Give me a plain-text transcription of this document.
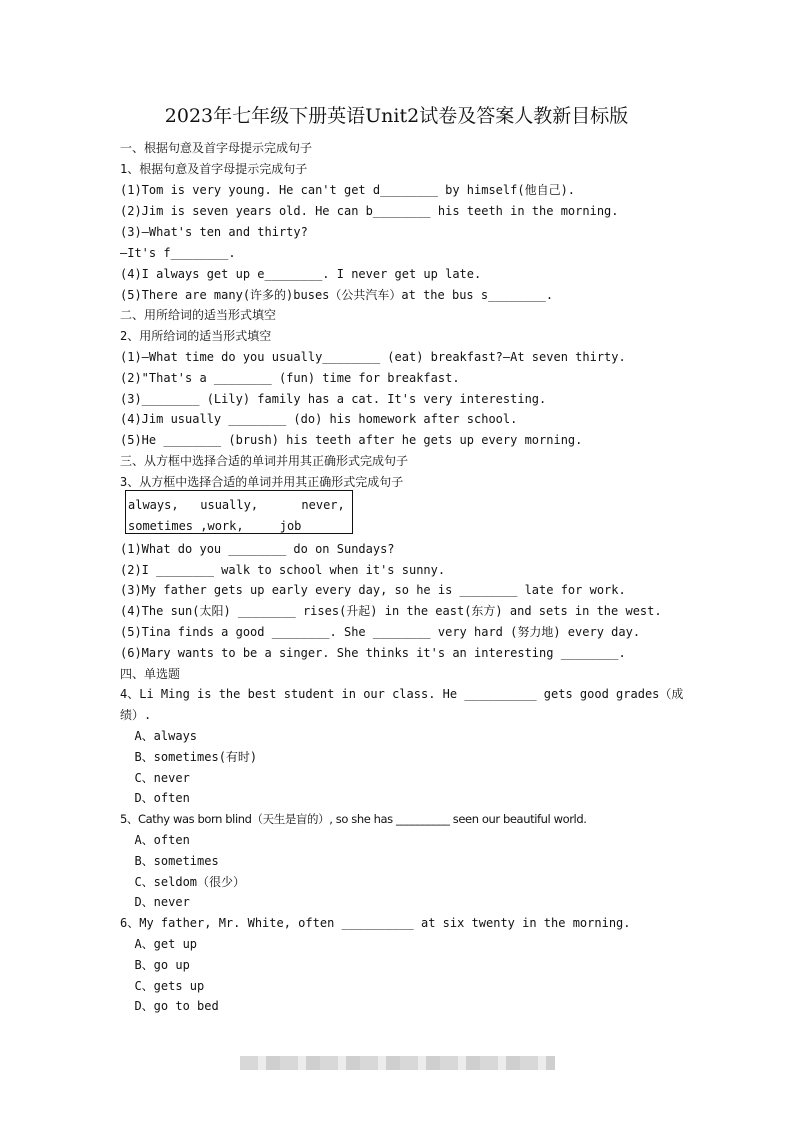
2023年七年级下册英语Unit2试卷及答案人教新目标版
一、根据句意及首字母提示完成句子
1、根据句意及首字母提示完成句子
(1)Tom is very young. He can't get d________ by himself(他自己).
(2)Jim is seven years old. He can b________ his teeth in the morning.
(3)—What's ten and thirty?
—It's f________.
(4)I always get up e________. I never get up late.
(5)There are many(许多的)buses（公共汽车）at the bus s________.
二、用所给词的适当形式填空
2、用所给词的适当形式填空
(1)—What time do you usually________ (eat) breakfast?—At seven thirty.
(2)"That's a ________ (fun) time for breakfast.
(3)________ (Lily) family has a cat. It's very interesting.
(4)Jim usually ________ (do) his homework after school.
(5)He ________ (brush) his teeth after he gets up every morning.
三、从方框中选择合适的单词并用其正确形式完成句子
3、从方框中选择合适的单词并用其正确形式完成句子
always,   usually,      never,
sometimes ,work,     job
(1)What do you ________ do on Sundays?
(2)I ________ walk to school when it's sunny.
(3)My father gets up early every day, so he is ________ late for work.
(4)The sun(太阳) ________ rises(升起) in the east(东方) and sets in the west.
(5)Tina finds a good ________. She ________ very hard (努力地) every day.
(6)Mary wants to be a singer. She thinks it's an interesting ________.
四、单选题
4、Li Ming is the best student in our class. He __________ gets good grades（成
绩）.
A、always
B、sometimes(有时)
C、never
D、often
5、Cathy was born blind（天生是盲的）, so she has __________ seen our beautiful world.
A、often
B、sometimes
C、seldom（很少）
D、never
6、My father, Mr. White, often __________ at six twenty in the morning.
A、get up
B、go up
C、gets up
D、go to bed
